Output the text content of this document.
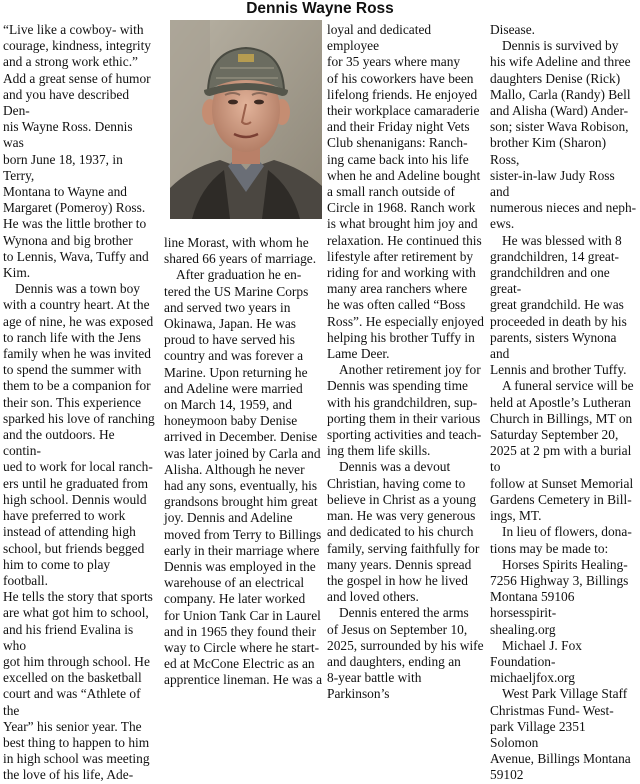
Dennis Wayne Ross

“Live like a cowboy- with
courage, kindness, integrity
and a strong work ethic.”
Add a great sense of humor
and you have described Den-
nis Wayne Ross. Dennis was
born June 18, 1937, in Terry,
Montana to Wayne and
Margaret (Pomeroy) Ross.
He was the little brother to
Wynona and big brother
to Lennis, Wava, Tuffy and
Kim.

Dennis was a town boy
with a country heart. At the
age of nine, he was exposed
to ranch life with the Jens
family when he was invited
to spend the summer with
them to be a companion for
their son. This experience
sparked his love of ranching
and the outdoors. He contin-
ued to work for local ranch-
ers until he graduated from
high school. Dennis would
have preferred to work
instead of attending high
school, but friends begged
him to come to play football.
He tells the story that sports
are what got him to school,
and his friend Evalina is who
got him through school. He
excelled on the basketball
court and was “Athlete of the
Year” his senior year. The
best thing to happen to him
in high school was meeting
the love of his life, Ade-

line Morast, with whom he
shared 66 years of marriage.

After graduation he en-
tered the US Marine Corps
and served two years in
Okinawa, Japan. He was
proud to have served his
country and was forever a
Marine. Upon returning he
and Adeline were married
on March 14, 1959, and
honeymoon baby Denise
arrived in December. Denise
was later joined by Carla and
Alisha. Although he never
had any sons, eventually, his
grandsons brought him great
joy. Dennis and Adeline
moved from Terry to Billings
early in their marriage where
Dennis was employed in the
warehouse of an electrical
company. He later worked
for Union Tank Car in Laurel
and in 1965 they found their
way to Circle where he start-
ed at McCone Electric as an
apprentice lineman. He was a

loyal and dedicated employee
for 35 years where many
of his coworkers have been
lifelong friends. He enjoyed
their workplace camaraderie
and their Friday night Vets
Club shenanigans: Ranch-
ing came back into his life
when he and Adeline bought
a small ranch outside of
Circle in 1968. Ranch work
is what brought him joy and
relaxation. He continued this
lifestyle after retirement by
riding for and working with
many area ranchers where
he was often called “Boss
Ross”. He especially enjoyed
helping his brother Tuffy in
Lame Deer.

Another retirement joy for
Dennis was spending time
with his grandchildren, sup-
porting them in their various
sporting activities and teach-
ing them life skills.

Dennis was a devout
Christian, having come to
believe in Christ as a young
man. He was very generous
and dedicated to his church
family, serving faithfully for
many years. Dennis spread
the gospel in how he lived
and loved others.

Dennis entered the arms
of Jesus on September 10,
2025, surrounded by his wife
and daughters, ending an
8-year battle with Parkinson’s

Disease.

Dennis is survived by
his wife Adeline and three
daughters Denise (Rick)
Mallo, Carla (Randy) Bell
and Alisha (Ward) Ander-
son; sister Wava Robison,
brother Kim (Sharon) Ross,
sister-in-law Judy Ross and
numerous nieces and neph-
ews.

He was blessed with 8
grandchildren, 14 great-
grandchildren and one great-
great grandchild. He was
proceeded in death by his
parents, sisters Wynona and
Lennis and brother Tuffy.

A funeral service will be
held at Apostle’s Lutheran
Church in Billings, MT on
Saturday September 20,
2025 at 2 pm with a burial to
follow at Sunset Memorial
Gardens Cemetery in Bill-
ings, MT.

In lieu of flowers, dona-
tions may be made to:

Horses Spirits Healing-
7256 Highway 3, Billings
Montana 59106 horsesspirit-
shealing.org

Michael J. Fox Foundation-
michaeljfox.org

West Park Village Staff
Christmas Fund- West-
park Village 2351 Solomon
Avenue, Billings Montana
59102
